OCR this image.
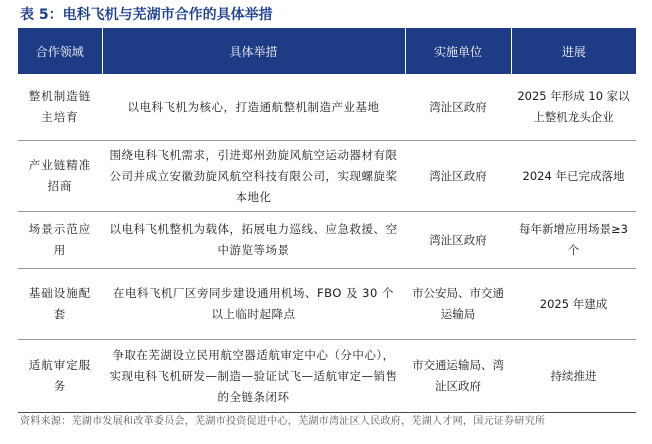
表 5：电科飞机与芜湖市合作的具体举措
合作领域	具体举措	实施单位	进展
整机制造链主培育	以电科飞机为核心，打造通航整机制造产业基地	湾沚区政府	2025 年形成 10 家以上整机龙头企业
产业链精准招商	围绕电科飞机需求，引进郑州劲旋风航空运动器材有限公司并成立安徽劲旋风航空科技有限公司，实现螺旋桨本地化	湾沚区政府	2024 年已完成落地
场景示范应用	以电科飞机整机为载体，拓展电力巡线、应急救援、空中游览等场景	湾沚区政府	每年新增应用场景≥3 个
基础设施配套	在电科飞机厂区旁同步建设通用机场、FBO 及 30 个以上临时起降点	市公安局、市交通运输局	2025 年建成
适航审定服务	争取在芜湖设立民用航空器适航审定中心（分中心），实现电科飞机研发—制造—验证试飞—适航审定—销售的全链条闭环	市交通运输局、湾沚区政府	持续推进
资料来源：芜湖市发展和改革委员会，芜湖市投资促进中心，芜湖市湾沚区人民政府，芜湖人才网，国元证券研究所
